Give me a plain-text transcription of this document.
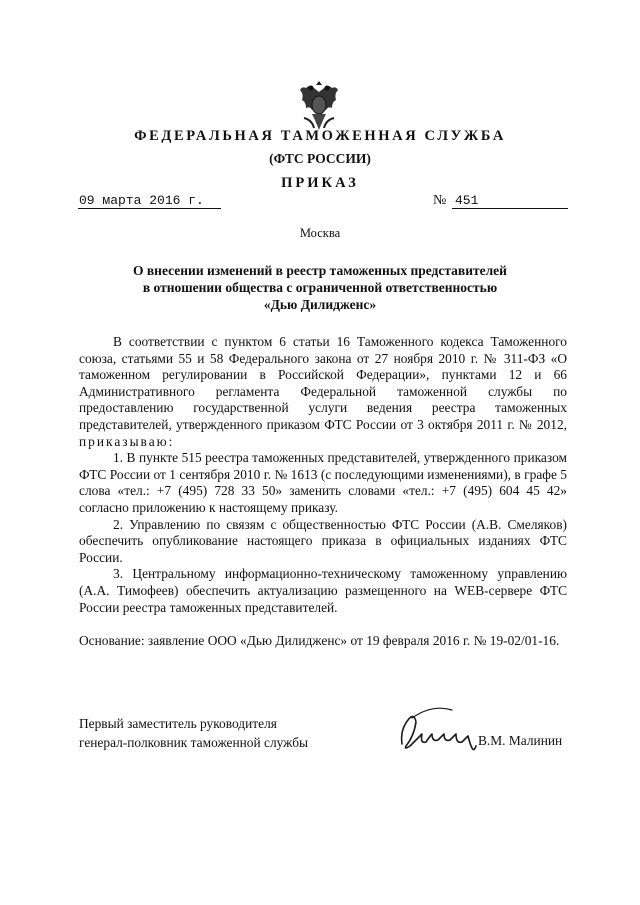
ФЕДЕРАЛЬНАЯ ТАМОЖЕННАЯ СЛУЖБА
(ФТС РОССИИ)
ПРИКАЗ
09 марта 2016 г.	№ 451
Москва
О внесении изменений в реестр таможенных представителей
в отношении общества с ограниченной ответственностью
«Дью Дилидженс»

В соответствии с пунктом 6 статьи 16 Таможенного кодекса Таможенного союза, статьями 55 и 58 Федерального закона от 27 ноября 2010 г. № 311-ФЗ «О таможенном регулировании в Российской Федерации», пунктами 12 и 66 Административного регламента Федеральной таможенной службы по предоставлению государственной услуги ведения реестра таможенных представителей, утвержденного приказом ФТС России от 3 октября 2011 г. № 2012, приказываю:

1. В пункте 515 реестра таможенных представителей, утвержденного приказом ФТС России от 1 сентября 2010 г. № 1613 (с последующими изменениями), в графе 5 слова «тел.: +7 (495) 728 33 50» заменить словами «тел.: +7 (495) 604 45 42» согласно приложению к настоящему приказу.

2. Управлению по связям с общественностью ФТС России (А.В. Смеляков) обеспечить опубликование настоящего приказа в официальных изданиях ФТС России.

3. Центральному информационно-техническому таможенному управлению (А.А. Тимофеев) обеспечить актуализацию размещенного на WEB-сервере ФТС России реестра таможенных представителей.

Основание: заявление ООО «Дью Дилидженс» от 19 февраля 2016 г. № 19-02/01-16.
Первый заместитель руководителя
генерал-полковник таможенной службы	В.М. Малинин
